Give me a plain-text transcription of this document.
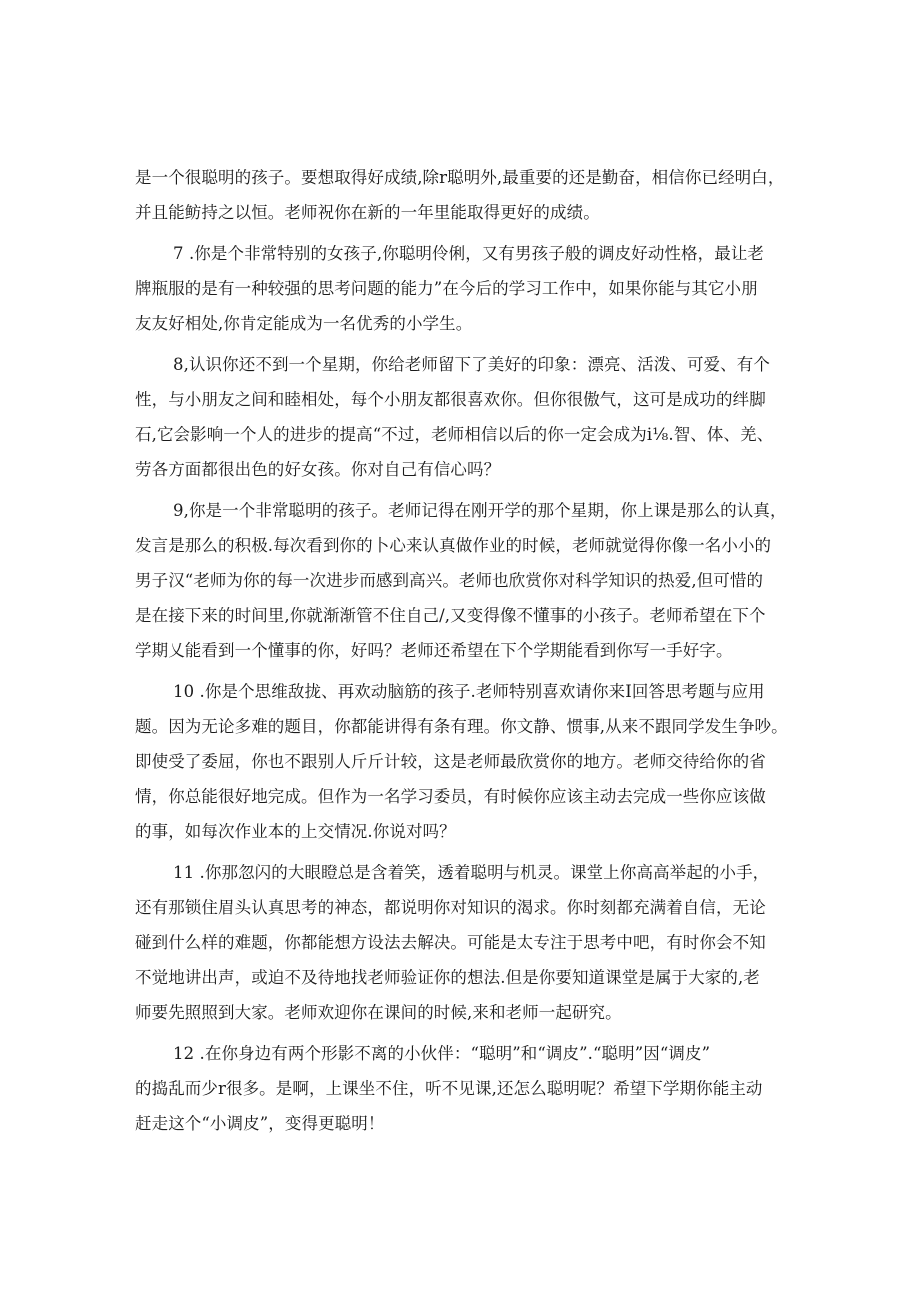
是一个很聪明的孩子。要想取得好成绩,除r聪明外,最重要的还是勤奋，相信你已经明白，
并且能鲂持之以恒。老师祝你在新的一年里能取得更好的成绩。
7 .你是个非常特别的女孩子,你聪明伶俐，又有男孩子般的调皮好动性格，最让老
牌瓶服的是有一种较强的思考问题的能力”在今后的学习工作中，如果你能与其它小朋
友友好相处,你肯定能成为一名优秀的小学生。
8,认识你还不到一个星期，你给老师留下了美好的印象：漂亮、活泼、可爱、有个
性，与小朋友之间和睦相处，每个小朋友都很喜欢你。但你很傲气，这可是成功的绊脚
石,它会影响一个人的进步的提高“不过，老师相信以后的你一定会成为i⅛.智、体、羌、
劳各方面都很出色的好女孩。你对自己有信心吗？
9,你是一个非常聪明的孩子。老师记得在刚开学的那个星期，你上课是那么的认真，
发言是那么的积极.每次看到你的卜心来认真做作业的时候，老师就觉得你像一名小小的
男子汉“老师为你的每一次进步而感到高兴。老师也欣赏你对科学知识的热爱,但可惜的
是在接下来的时间里,你就渐渐管不住自己/,又变得像不懂事的小孩子。老师希望在下个
学期乂能看到一个懂事的你，好吗？老师还希望在下个学期能看到你写一手好字。
10 .你是个思维敌拢、再欢动脑筋的孩子.老师特别喜欢请你来I回答思考题与应用
题。因为无论多难的题目，你都能讲得有条有理。你文静、惯事,从来不跟同学发生争吵。
即使受了委屈，你也不跟别人斤斤计较，这是老师最欣赏你的地方。老师交待给你的省
情，你总能很好地完成。但作为一名学习委员，有时候你应该主动去完成一些你应该做
的事，如每次作业本的上交情况.你说对吗？
11 .你那忽闪的大眼瞪总是含着笑，透着聪明与机灵。课堂上你高高举起的小手，
还有那锁住眉头认真思考的神态，都说明你对知识的渴求。你时刻都充满着自信，无论
碰到什么样的难题，你都能想方设法去解决。可能是太专注于思考中吧，有时你会不知
不觉地讲出声，或迫不及待地找老师验证你的想法.但是你要知道课堂是属于大家的,老
师要先照照到大家。老师欢迎你在课间的时候,来和老师一起研究。
12 .在你身边有两个形影不离的小伙伴：“聪明”和“调皮”.“聪明”因“调皮”
的捣乱而少r很多。是啊，上课坐不住，听不见课,还怎么聪明呢？希望下学期你能主动
赶走这个“小调皮”，变得更聪明！
